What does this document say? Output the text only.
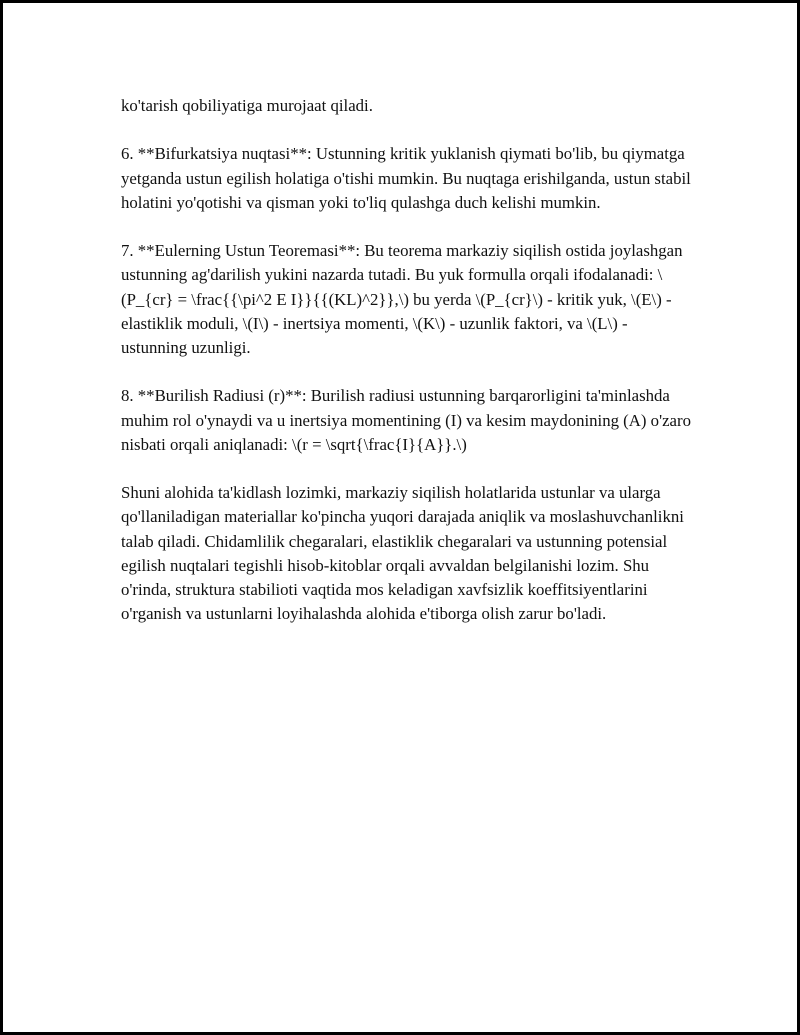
ko'tarish qobiliyatiga murojaat qiladi.

6. **Bifurkatsiya nuqtasi**: Ustunning kritik yuklanish qiymati bo'lib, bu qiymatga yetganda ustun egilish holatiga o'tishi mumkin. Bu nuqtaga erishilganda, ustun stabil holatini yo'qotishi va qisman yoki to'liq qulashga duch kelishi mumkin.

7. **Eulerning Ustun Teoremasi**: Bu teorema markaziy siqilish ostida joylashgan ustunning ag'darilish yukini nazarda tutadi. Bu yuk formulla orqali ifodalanadi: \(P_{cr} = \frac{{\pi^2 E I}}{{(KL)^2}},\) bu yerda \(P_{cr}\) - kritik yuk, \(E\) - elastiklik moduli, \(I\) - inertsiya momenti, \(K\) - uzunlik faktori, va \(L\) - ustunning uzunligi.

8. **Burilish Radiusi (r)**: Burilish radiusi ustunning barqarorligini ta'minlashda muhim rol o'ynaydi va u inertsiya momentining (I) va kesim maydonining (A) o'zaro nisbati orqali aniqlanadi: \(r = \sqrt{\frac{I}{A}}.\)

Shuni alohida ta'kidlash lozimki, markaziy siqilish holatlarida ustunlar va ularga qo'llaniladigan materiallar ko'pincha yuqori darajada aniqlik va moslashuvchanlikni talab qiladi. Chidamlilik chegaralari, elastiklik chegaralari va ustunning potensial egilish nuqtalari tegishli hisob-kitoblar orqali avvaldan belgilanishi lozim. Shu o'rinda, struktura stabilioti vaqtida mos keladigan xavfsizlik koeffitsiyentlarini o'rganish va ustunlarni loyihalashda alohida e'tiborga olish zarur bo'ladi.
